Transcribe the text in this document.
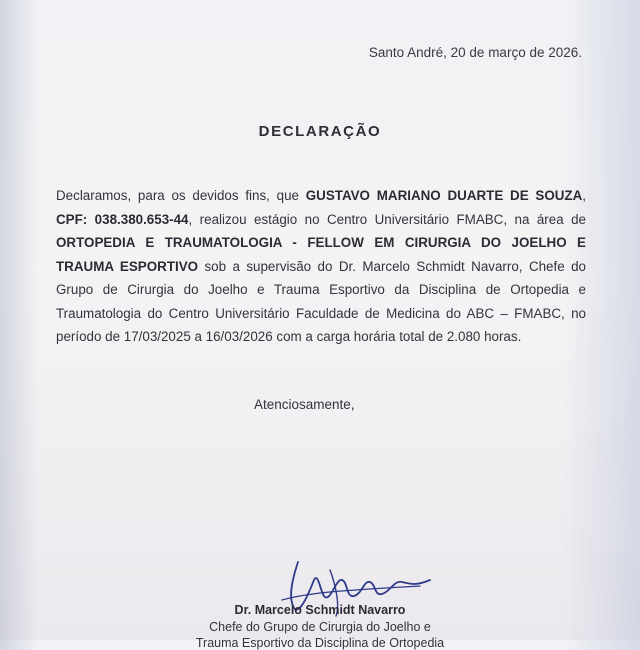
Santo André, 20 de março de 2026.
DECLARAÇÃO
Declaramos, para os devidos fins, que GUSTAVO MARIANO DUARTE DE SOUZA, CPF: 038.380.653-44, realizou estágio no Centro Universitário FMABC, na área de ORTOPEDIA E TRAUMATOLOGIA - FELLOW EM CIRURGIA DO JOELHO E TRAUMA ESPORTIVO sob a supervisão do Dr. Marcelo Schmidt Navarro, Chefe do Grupo de Cirurgia do Joelho e Trauma Esportivo da Disciplina de Ortopedia e Traumatologia do Centro Universitário Faculdade de Medicina do ABC – FMABC, no período de 17/03/2025 a 16/03/2026 com a carga horária total de 2.080 horas.
Atenciosamente,
Dr. Marcelo Schmidt Navarro
Chefe do Grupo de Cirurgia do Joelho e
Trauma Esportivo da Disciplina de Ortopedia
